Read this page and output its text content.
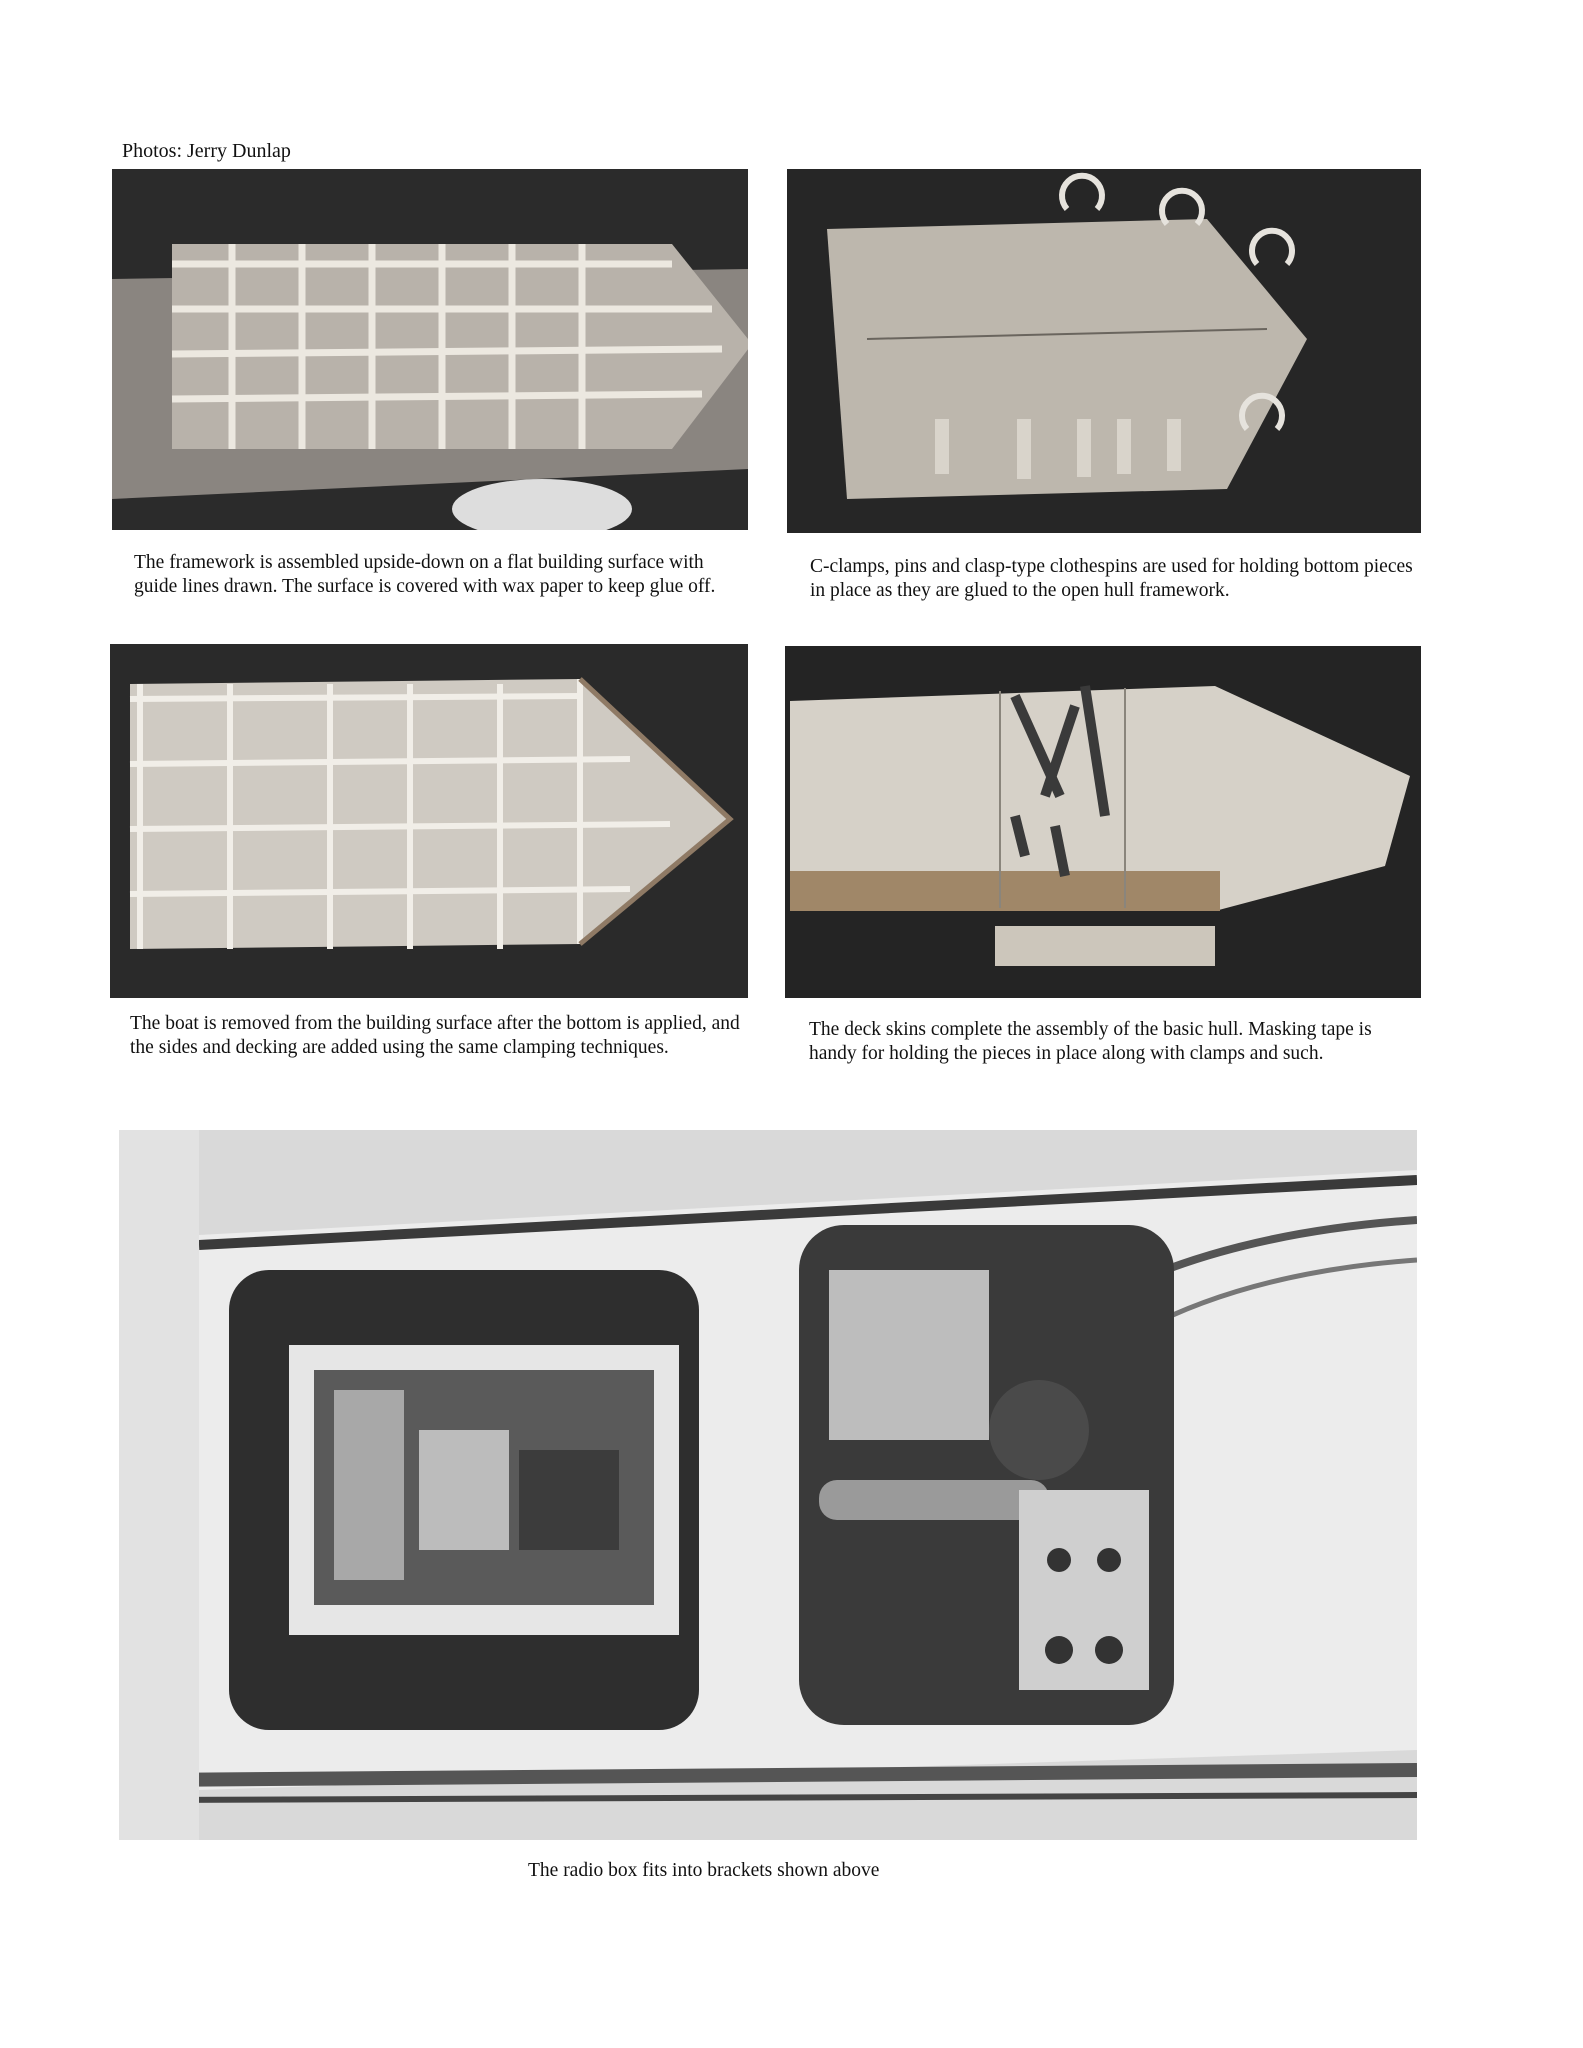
Photos: Jerry Dunlap

The framework is assembled upside-down on a flat building surface with guide lines drawn. The surface is covered with wax paper to keep glue off.

C-clamps, pins and clasp-type clothespins are used for holding bottom pieces in place as they are glued to the open hull framework.

The boat is removed from the building surface after the bottom is applied, and the sides and decking are added using the same clamping techniques.

The deck skins complete the assembly of the basic hull. Masking tape is handy for holding the pieces in place along with clamps and such.

The radio box fits into brackets shown above
